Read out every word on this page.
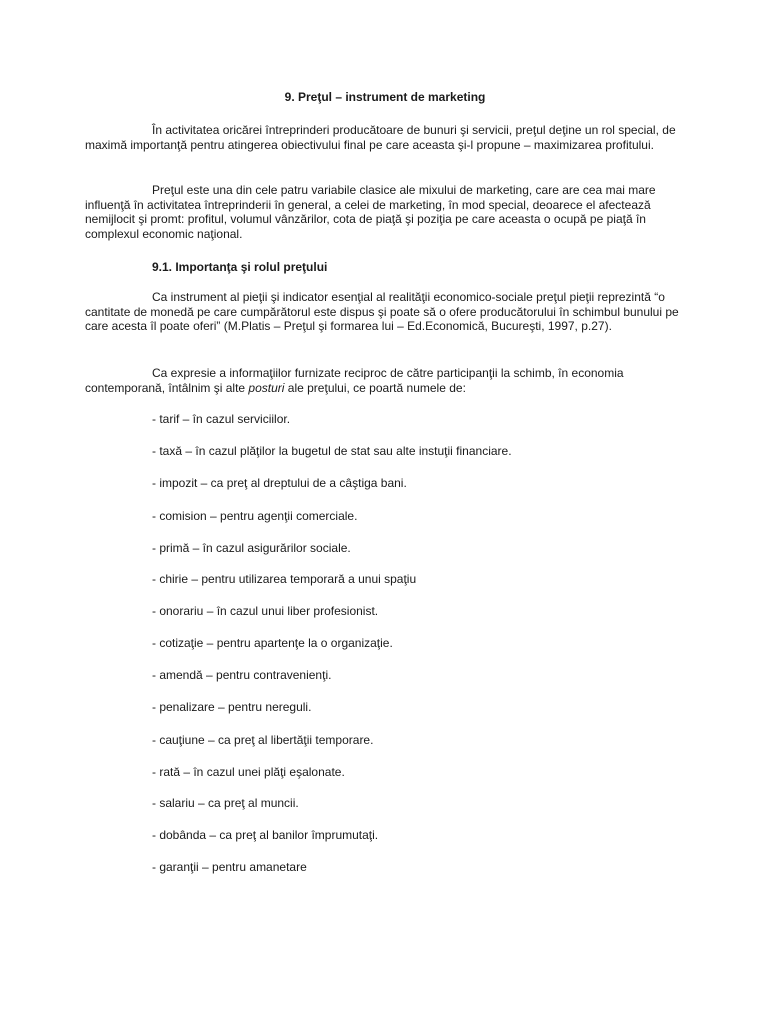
9. Preţul – instrument de marketing

În activitatea oricărei întreprinderi producătoare de bunuri şi servicii, preţul deţine un rol special, de maximă importanţă pentru atingerea obiectivului final pe care aceasta şi-l propune – maximizarea profitului.

Preţul este una din cele patru variabile clasice ale mixului de marketing, care are cea mai mare influenţă în activitatea întreprinderii în general, a celei de marketing, în mod special, deoarece el afectează nemijlocit şi promt: profitul, volumul vânzărilor, cota de piaţă şi poziţia pe care aceasta o ocupă pe piaţă în complexul economic naţional.

9.1. Importanţa şi rolul preţului

Ca instrument al pieţii şi indicator esenţial al realităţii economico-sociale preţul pieţii reprezintă “o cantitate de monedă pe care cumpărătorul este dispus şi poate să o ofere producătorului în schimbul bunului pe care acesta îl poate oferi” (M.Platis – Preţul şi formarea lui – Ed.Economică, Bucureşti, 1997, p.27).

Ca expresie a informaţiilor furnizate reciproc de către participanţii la schimb, în economia contemporană, întâlnim şi alte posturi ale preţului, ce poartă numele de:

- tarif – în cazul serviciilor.

- taxă – în cazul plăţilor la bugetul de stat sau alte instuţii financiare.

- impozit – ca preţ al dreptului de a câştiga bani.

- comision – pentru agenţii comerciale.

- primă – în cazul asigurărilor sociale.

- chirie – pentru utilizarea temporară a unui spaţiu

- onorariu – în cazul unui liber profesionist.

- cotizaţie – pentru apartenţe la o organizaţie.

- amendă – pentru contravenienţi.

- penalizare – pentru nereguli.

- cauţiune – ca preţ al libertăţii temporare.

- rată – în cazul unei plăţi eşalonate.

- salariu – ca preţ al muncii.

- dobânda – ca preţ al banilor împrumutaţi.

- garanţii – pentru amanetare
